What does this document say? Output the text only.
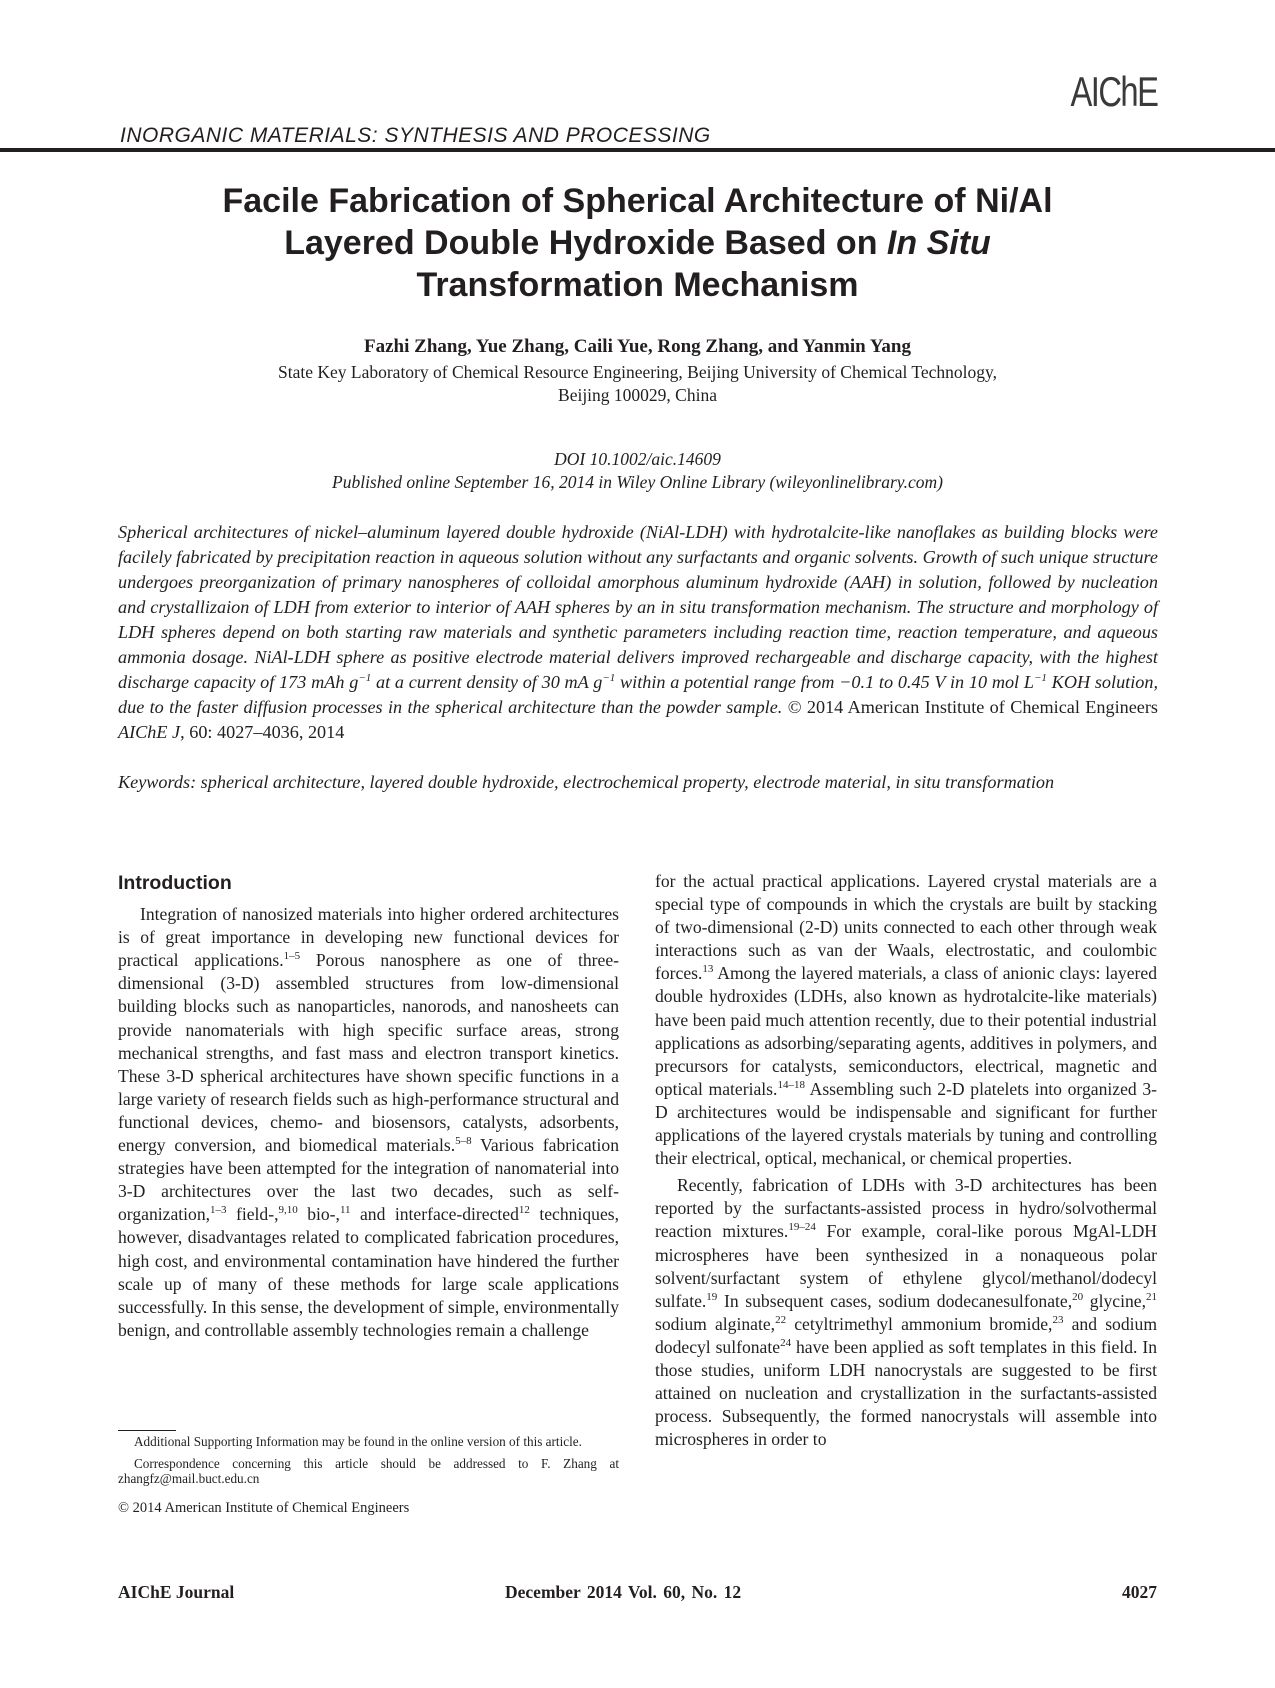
AIChE
INORGANIC MATERIALS: SYNTHESIS AND PROCESSING
Facile Fabrication of Spherical Architecture of Ni/Al
Layered Double Hydroxide Based on In Situ
Transformation Mechanism
Fazhi Zhang, Yue Zhang, Caili Yue, Rong Zhang, and Yanmin Yang
State Key Laboratory of Chemical Resource Engineering, Beijing University of Chemical Technology,
Beijing 100029, China
DOI 10.1002/aic.14609
Published online September 16, 2014 in Wiley Online Library (wileyonlinelibrary.com)
Spherical architectures of nickel–aluminum layered double hydroxide (NiAl-LDH) with hydrotalcite-like nanoflakes as building blocks were facilely fabricated by precipitation reaction in aqueous solution without any surfactants and organic solvents. Growth of such unique structure undergoes preorganization of primary nanospheres of colloidal amorphous aluminum hydroxide (AAH) in solution, followed by nucleation and crystallizaion of LDH from exterior to interior of AAH spheres by an in situ transformation mechanism. The structure and morphology of LDH spheres depend on both starting raw materials and synthetic parameters including reaction time, reaction temperature, and aqueous ammonia dosage. NiAl-LDH sphere as positive electrode material delivers improved rechargeable and discharge capacity, with the highest discharge capacity of 173 mAh $g^{-1}$ at a current density of 30 mA $g^{-1}$ within a potential range from −0.1 to 0.45 V in 10 mol $L^{-1}$ KOH solution, due to the faster diffusion processes in the spherical architecture than the powder sample. © 2014 American Institute of Chemical Engineers AIChE J, 60: 4027–4036, 2014
Keywords: spherical architecture, layered double hydroxide, electrochemical property, electrode material, in situ transformation
Introduction

Integration of nanosized materials into higher ordered architectures is of great importance in developing new functional devices for practical applications.$^{1-5}$ Porous nanosphere as one of three-dimensional (3-D) assembled structures from low-dimensional building blocks such as nanoparticles, nanorods, and nanosheets can provide nanomaterials with high specific surface areas, strong mechanical strengths, and fast mass and electron transport kinetics. These 3-D spherical architectures have shown specific functions in a large variety of research fields such as high-performance structural and functional devices, chemo- and biosensors, catalysts, adsorbents, energy conversion, and biomedical materials.$^{5-8}$ Various fabrication strategies have been attempted for the integration of nanomaterial into 3-D architectures over the last two decades, such as self-organization,$^{1-3}$ field-,$^{9,10}$ bio-,$^{11}$ and interface-directed$^{12}$ techniques, however, disadvantages related to complicated fabrication procedures, high cost, and environmental contamination have hindered the further scale up of many of these methods for large scale applications successfully. In this sense, the development of simple, environmentally benign, and controllable assembly technologies remain a challenge

Additional Supporting Information may be found in the online version of this article.

Correspondence concerning this article should be addressed to F. Zhang at zhangfz@mail.buct.edu.cn

© 2014 American Institute of Chemical Engineers

for the actual practical applications. Layered crystal materials are a special type of compounds in which the crystals are built by stacking of two-dimensional (2-D) units connected to each other through weak interactions such as van der Waals, electrostatic, and coulombic forces.$^{13}$ Among the layered materials, a class of anionic clays: layered double hydroxides (LDHs, also known as hydrotalcite-like materials) have been paid much attention recently, due to their potential industrial applications as adsorbing/separating agents, additives in polymers, and precursors for catalysts, semiconductors, electrical, magnetic and optical materials.$^{14-18}$ Assembling such 2-D platelets into organized 3-D architectures would be indispensable and significant for further applications of the layered crystals materials by tuning and controlling their electrical, optical, mechanical, or chemical properties.

Recently, fabrication of LDHs with 3-D architectures has been reported by the surfactants-assisted process in hydro/solvothermal reaction mixtures.$^{19-24}$ For example, coral-like porous MgAl-LDH microspheres have been synthesized in a nonaqueous polar solvent/surfactant system of ethylene glycol/methanol/dodecyl sulfate.$^{19}$ In subsequent cases, sodium dodecanesulfonate,$^{20}$ glycine,$^{21}$ sodium alginate,$^{22}$ cetyltrimethyl ammonium bromide,$^{23}$ and sodium dodecyl sulfonate$^{24}$ have been applied as soft templates in this field. In those studies, uniform LDH nanocrystals are suggested to be first attained on nucleation and crystallization in the surfactants-assisted process. Subsequently, the formed nanocrystals will assemble into microspheres in order to

AIChE Journal	December 2014 Vol. 60, No. 12	4027
